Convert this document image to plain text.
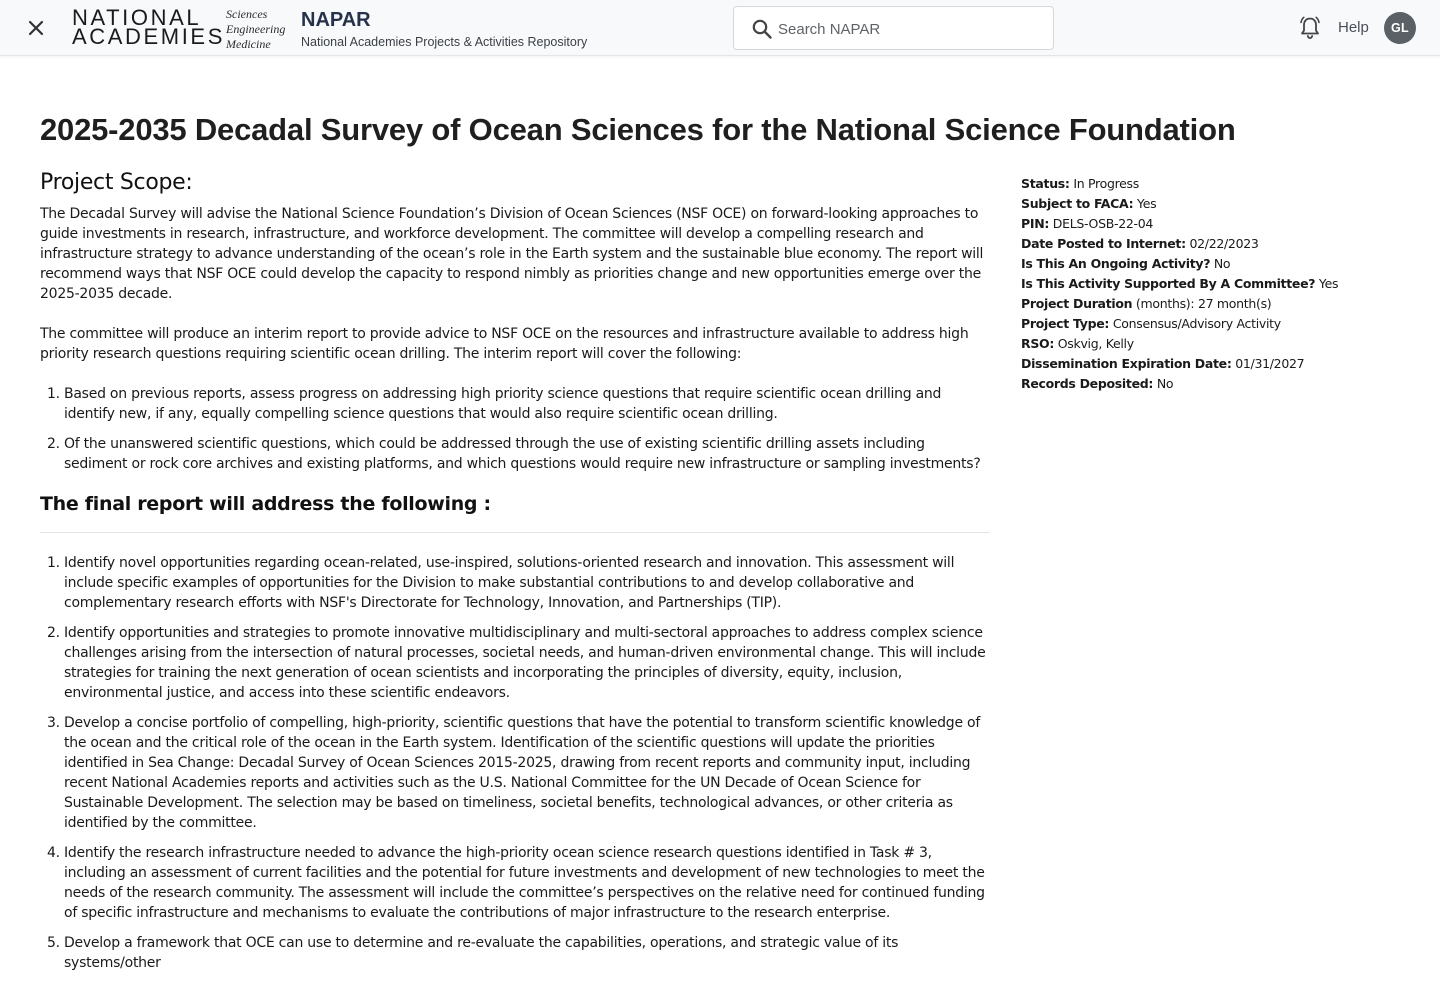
NATIONAL
ACADEMIES
Sciences
Engineering
Medicine
NAPAR
National Academies Projects & Activities Repository
Search NAPAR
Help	GL
2025-2035 Decadal Survey of Ocean Sciences for the National Science Foundation
Project Scope:

The Decadal Survey will advise the National Science Foundation’s Division of Ocean Sciences (NSF OCE) on forward-looking approaches to guide investments in research, infrastructure, and workforce development. The committee will develop a compelling research and infrastructure strategy to advance understanding of the ocean’s role in the Earth system and the sustainable blue economy. The report will recommend ways that NSF OCE could develop the capacity to respond nimbly as priorities change and new opportunities emerge over the 2025-2035 decade.

The committee will produce an interim report to provide advice to NSF OCE on the resources and infrastructure available to address high priority research questions requiring scientific ocean drilling. The interim report will cover the following:

1. Based on previous reports, assess progress on addressing high priority science questions that require scientific ocean drilling and identify new, if any, equally compelling science questions that would also require scientific ocean drilling.
2. Of the unanswered scientific questions, which could be addressed through the use of existing scientific drilling assets including sediment or rock core archives and existing platforms, and which questions would require new infrastructure or sampling investments?
The final report will address the following :
1. Identify novel opportunities regarding ocean-related, use-inspired, solutions-oriented research and innovation. This assessment will include specific examples of opportunities for the Division to make substantial contributions to and develop collaborative and complementary research efforts with NSF's Directorate for Technology, Innovation, and Partnerships (TIP).
2. Identify opportunities and strategies to promote innovative multidisciplinary and multi-sectoral approaches to address complex science challenges arising from the intersection of natural processes, societal needs, and human-driven environmental change. This will include strategies for training the next generation of ocean scientists and incorporating the principles of diversity, equity, inclusion, environmental justice, and access into these scientific endeavors.
3. Develop a concise portfolio of compelling, high-priority, scientific questions that have the potential to transform scientific knowledge of the ocean and the critical role of the ocean in the Earth system. Identification of the scientific questions will update the priorities identified in Sea Change: Decadal Survey of Ocean Sciences 2015-2025, drawing from recent reports and community input, including recent National Academies reports and activities such as the U.S. National Committee for the UN Decade of Ocean Science for Sustainable Development. The selection may be based on timeliness, societal benefits, technological advances, or other criteria as identified by the committee.
4. Identify the research infrastructure needed to advance the high-priority ocean science research questions identified in Task # 3, including an assessment of current facilities and the potential for future investments and development of new technologies to meet the needs of the research community. The assessment will include the committee’s perspectives on the relative need for continued funding of specific infrastructure and mechanisms to evaluate the contributions of major infrastructure to the research enterprise.
5. Develop a framework that OCE can use to determine and re-evaluate the capabilities, operations, and strategic value of its systems/other
Status: In Progress
Subject to FACA: Yes
PIN: DELS-OSB-22-04
Date Posted to Internet: 02/22/2023
Is This An Ongoing Activity? No
Is This Activity Supported By A Committee? Yes
Project Duration (months): 27 month(s)
Project Type: Consensus/Advisory Activity
RSO: Oskvig, Kelly
Dissemination Expiration Date: 01/31/2027
Records Deposited: No
